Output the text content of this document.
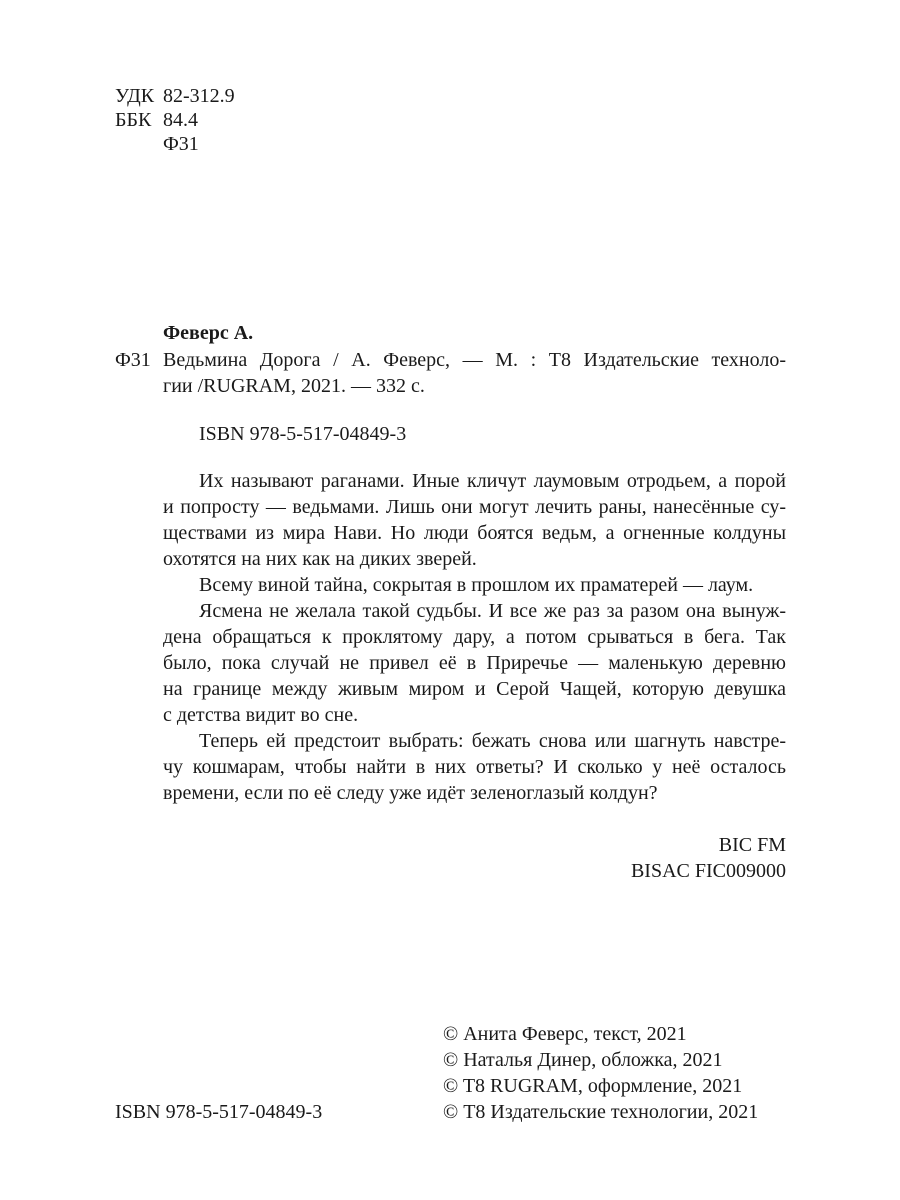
УДК 82-312.9
ББК 84.4
Ф31
Феверс А.
Ф31 Ведьмина Дорога / А. Феверс, — М. : Т8 Издательские техноло-
гии /RUGRAM, 2021. — 332 с.
ISBN 978-5-517-04849-3
Их называют раганами. Иные кличут лаумовым отродьем, а порой
и попросту — ведьмами. Лишь они могут лечить раны, нанесённые су-
ществами из мира Нави. Но люди боятся ведьм, а огненные колдуны
охотятся на них как на диких зверей.
Всему виной тайна, сокрытая в прошлом их праматерей — лаум.
Ясмена не желала такой судьбы. И все же раз за разом она вынуж-
дена обращаться к проклятому дару, а потом срываться в бега. Так
было, пока случай не привел её в Приречье — маленькую деревню
на границе между живым миром и Серой Чащей, которую девушка
с детства видит во сне.
Теперь ей предстоит выбрать: бежать снова или шагнуть навстре-
чу кошмарам, чтобы найти в них ответы? И сколько у неё осталось
времени, если по её следу уже идёт зеленоглазый колдун?
BIC FM
BISAC FIC009000
© Анита Феверс, текст, 2021
© Наталья Динер, обложка, 2021
© T8 RUGRAM, оформление, 2021
© Т8 Издательские технологии, 2021
ISBN 978-5-517-04849-3
